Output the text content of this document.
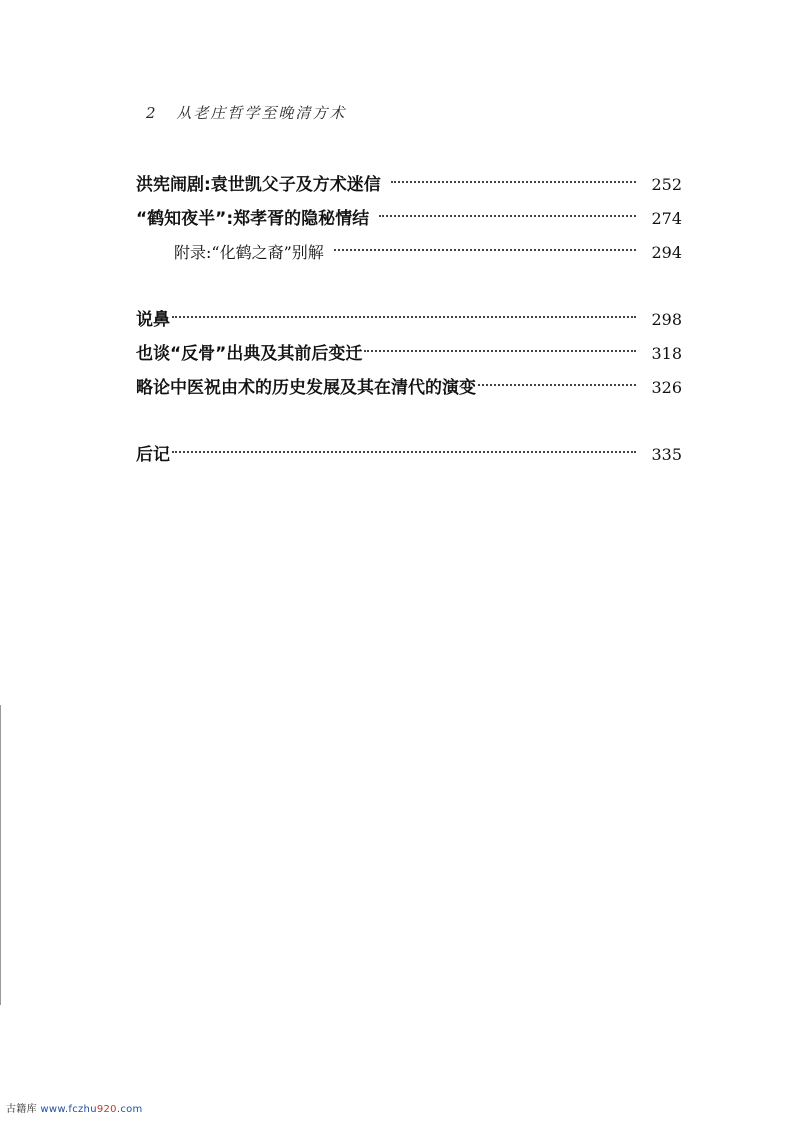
2 从老庄哲学至晚清方术
洪宪闹剧:袁世凯父子及方术迷信	252
“鹤知夜半”:郑孝胥的隐秘情结	274
附录:“化鹤之裔”别解	294
说鼻	298
也谈“反骨”出典及其前后变迁	318
略论中医祝由术的历史发展及其在清代的演变	326
后记	335
古籍库 www.fczhu920.com
